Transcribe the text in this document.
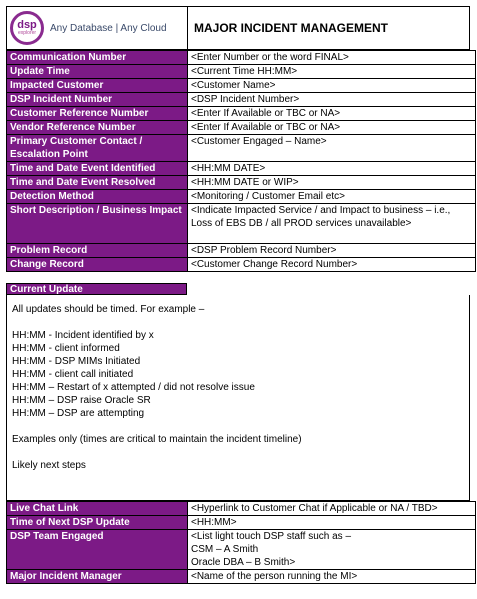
dsp
explorer Any Database | Any Cloud	MAJOR INCIDENT MANAGEMENT
Communication Number	<Enter Number or the word FINAL>
Update Time	<Current Time HH:MM>
Impacted Customer	<Customer Name>
DSP Incident Number	<DSP Incident Number>
Customer Reference Number	<Enter If Available or TBC or NA>
Vendor Reference Number	<Enter If Available or TBC or NA>
Primary Customer Contact / Escalation Point	<Customer Engaged – Name>
Time and Date Event Identified	<HH:MM DATE>
Time and Date Event Resolved	<HH:MM DATE or WIP>
Detection Method	<Monitoring / Customer Email etc>
Short Description / Business Impact	<Indicate Impacted Service / and Impact to business – i.e., Loss of EBS DB / all PROD services unavailable>
Problem Record	<DSP Problem Record Number>
Change Record	<Customer Change Record Number>
Current Update

All updates should be timed. For example –

HH:MM - Incident identified by x

HH:MM - client informed

HH:MM - DSP MIMs Initiated

HH:MM - client call initiated

HH:MM – Restart of x attempted / did not resolve issue

HH:MM – DSP raise Oracle SR

HH:MM – DSP are attempting

Examples only (times are critical to maintain the incident timeline)

Likely next steps

Live Chat Link	<Hyperlink to Customer Chat if Applicable or NA / TBD>
Time of Next DSP Update	<HH:MM>
DSP Team Engaged	<List light touch DSP staff such as –
CSM – A Smith
Oracle DBA – B Smith>

Major Incident Manager	<Name of the person running the MI>
